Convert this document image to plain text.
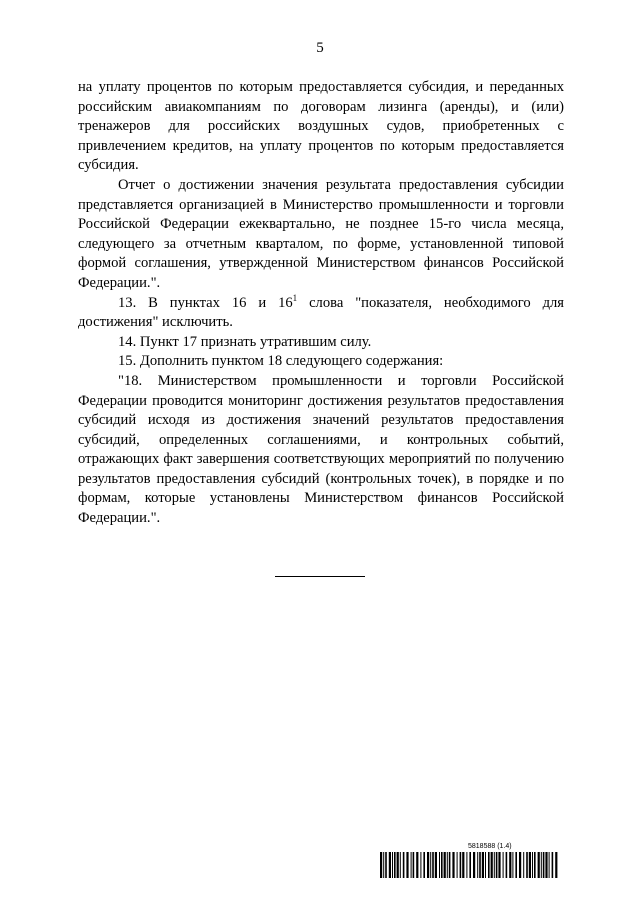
5

на уплату процентов по которым предоставляется субсидия, и переданных российским авиакомпаниям по договорам лизинга (аренды), и (или) тренажеров для российских воздушных судов, приобретенных с привлечением кредитов, на уплату процентов по которым предоставляется субсидия.

Отчет о достижении значения результата предоставления субсидии представляется организацией в Министерство промышленности и торговли Российской Федерации ежеквартально, не позднее 15-го числа месяца, следующего за отчетным кварталом, по форме, установленной типовой формой соглашения, утвержденной Министерством финансов Российской Федерации.".

13. В пунктах 16 и $16^1$ слова "показателя, необходимого для достижения" исключить.

14. Пункт 17 признать утратившим силу.

15. Дополнить пунктом 18 следующего содержания:

"18. Министерством промышленности и торговли Российской Федерации проводится мониторинг достижения результатов предоставления субсидий исходя из достижения значений результатов предоставления субсидий, определенных соглашениями, и контрольных событий, отражающих факт завершения соответствующих мероприятий по получению результатов предоставления субсидий (контрольных точек), в порядке и по формам, которые установлены Министерством финансов Российской Федерации.".

5818588 (1.4)
